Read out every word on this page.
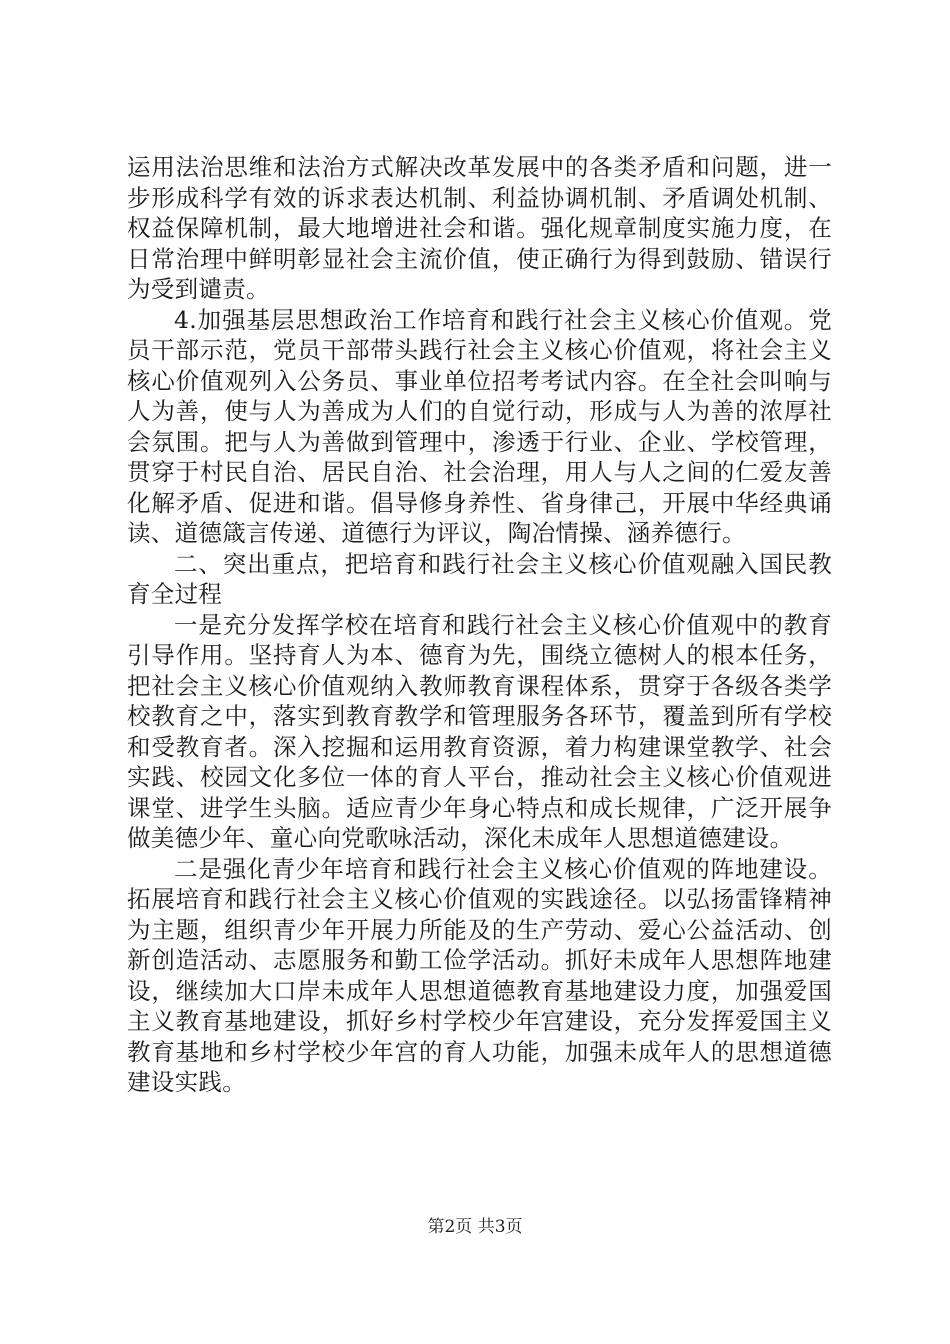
运用法治思维和法治方式解决改革发展中的各类矛盾和问题，进一步形成科学有效的诉求表达机制、利益协调机制、矛盾调处机制、权益保障机制，最大地增进社会和谐。强化规章制度实施力度，在日常治理中鲜明彰显社会主流价值，使正确行为得到鼓励、错误行为受到谴责。

4.加强基层思想政治工作培育和践行社会主义核心价值观。党员干部示范，党员干部带头践行社会主义核心价值观，将社会主义核心价值观列入公务员、事业单位招考考试内容。在全社会叫响与人为善，使与人为善成为人们的自觉行动，形成与人为善的浓厚社会氛围。把与人为善做到管理中，渗透于行业、企业、学校管理，贯穿于村民自治、居民自治、社会治理，用人与人之间的仁爱友善化解矛盾、促进和谐。倡导修身养性、省身律己，开展中华经典诵读、道德箴言传递、道德行为评议，陶冶情操、涵养德行。

二、突出重点，把培育和践行社会主义核心价值观融入国民教育全过程

一是充分发挥学校在培育和践行社会主义核心价值观中的教育引导作用。坚持育人为本、德育为先，围绕立德树人的根本任务，把社会主义核心价值观纳入教师教育课程体系，贯穿于各级各类学校教育之中，落实到教育教学和管理服务各环节，覆盖到所有学校和受教育者。深入挖掘和运用教育资源，着力构建课堂教学、社会实践、校园文化多位一体的育人平台，推动社会主义核心价值观进课堂、进学生头脑。适应青少年身心特点和成长规律，广泛开展争做美德少年、童心向党歌咏活动，深化未成年人思想道德建设。

二是强化青少年培育和践行社会主义核心价值观的阵地建设。拓展培育和践行社会主义核心价值观的实践途径。以弘扬雷锋精神为主题，组织青少年开展力所能及的生产劳动、爱心公益活动、创新创造活动、志愿服务和勤工俭学活动。抓好未成年人思想阵地建设，继续加大口岸未成年人思想道德教育基地建设力度，加强爱国主义教育基地建设，抓好乡村学校少年宫建设，充分发挥爱国主义教育基地和乡村学校少年宫的育人功能，加强未成年人的思想道德建设实践。

第2页 共3页
